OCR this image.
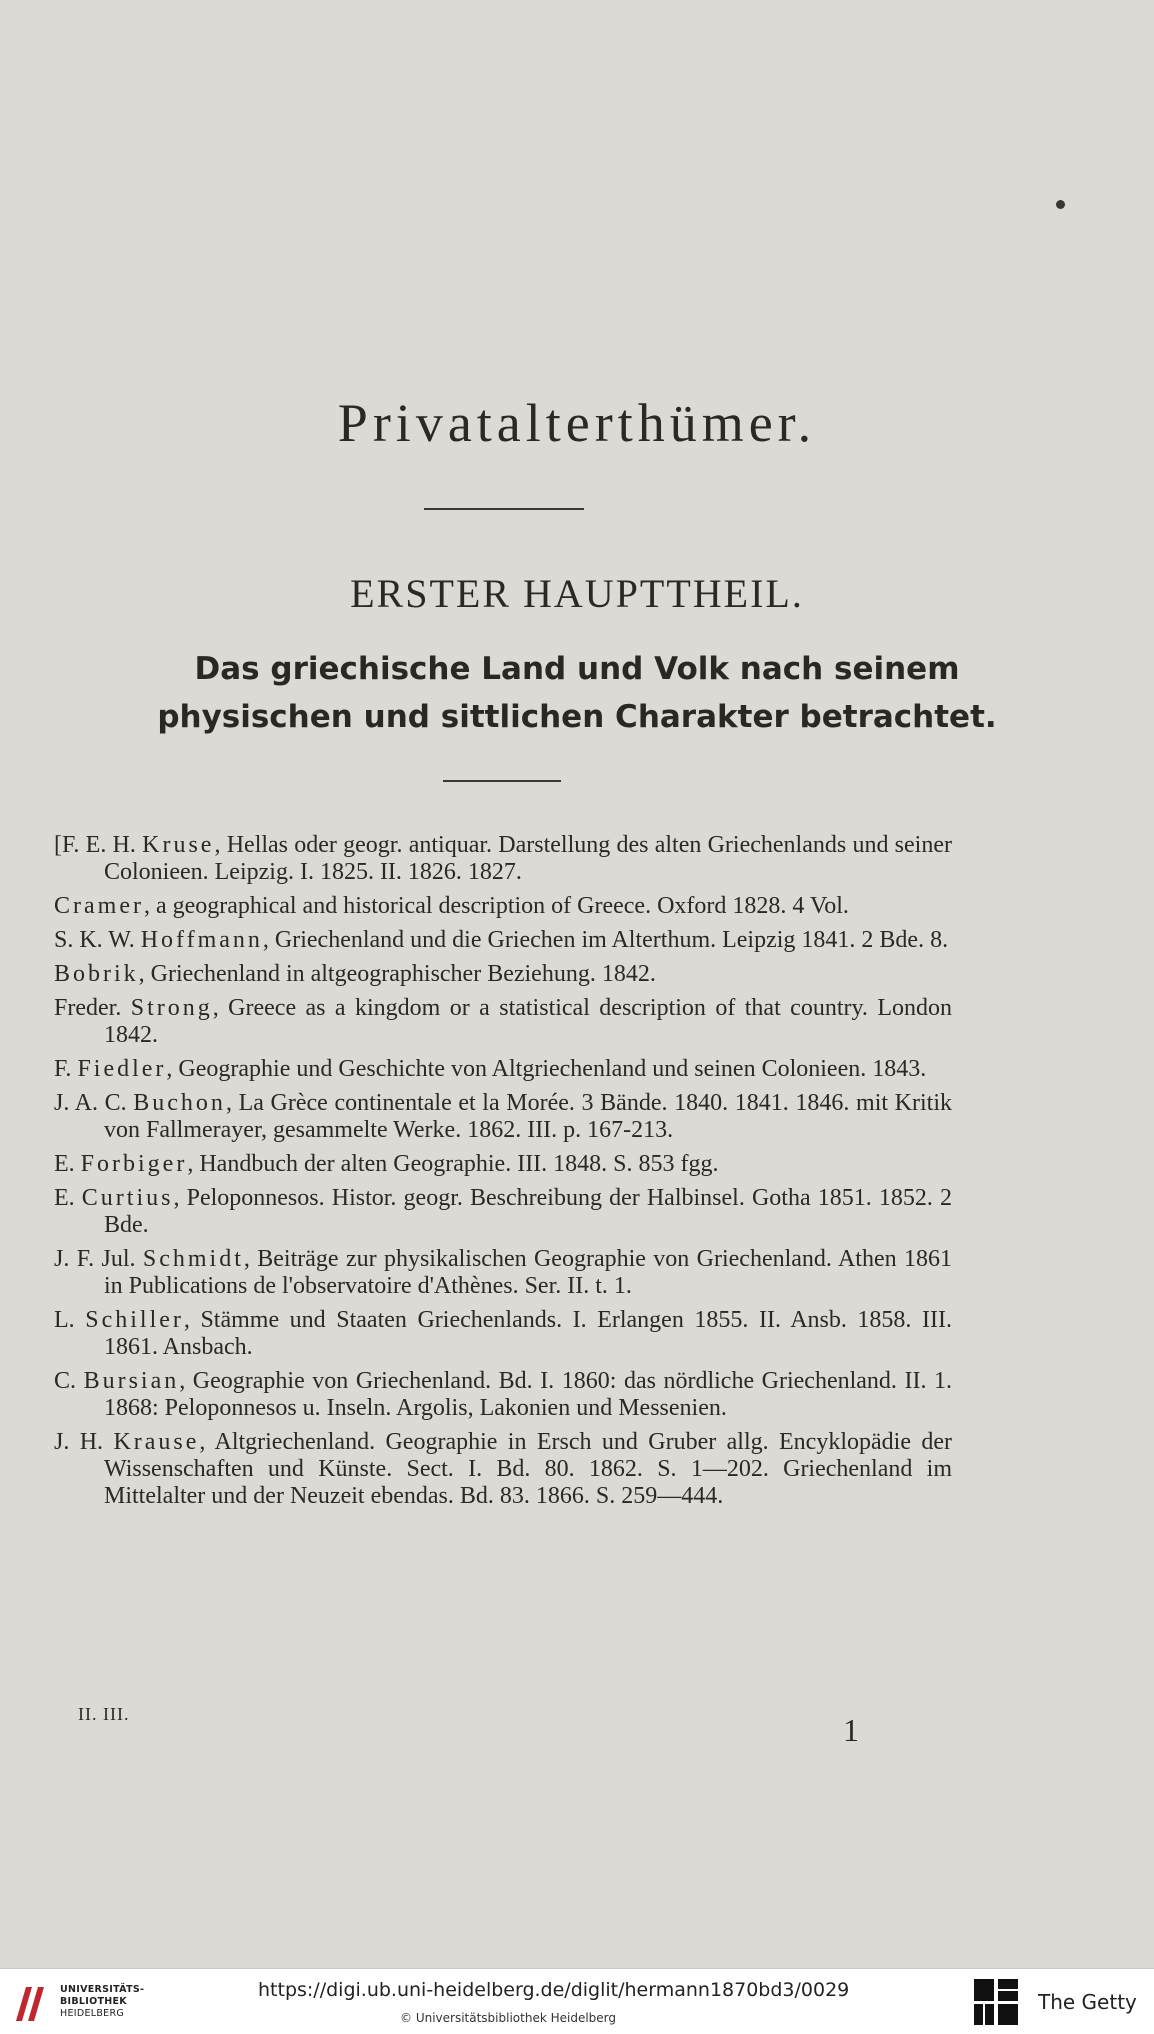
Privatalterthümer.
ERSTER HAUPTTHEIL.
Das griechische Land und Volk nach seinem
physischen und sittlichen Charakter betrachtet.
[F. E. H. Kruse, Hellas oder geogr. antiquar. Darstellung des alten Griechenlands und seiner Colonieen. Leipzig. I. 1825. II. 1826. 1827.
Cramer, a geographical and historical description of Greece. Oxford 1828. 4 Vol.
S. K. W. Hoffmann, Griechenland und die Griechen im Alterthum. Leipzig 1841. 2 Bde. 8.
Bobrik, Griechenland in altgeographischer Beziehung. 1842.
Freder. Strong, Greece as a kingdom or a statistical description of that country. London 1842.
F. Fiedler, Geographie und Geschichte von Altgriechenland und seinen Colonieen. 1843.
J. A. C. Buchon, La Grèce continentale et la Morée. 3 Bände. 1840. 1841. 1846. mit Kritik von Fallmerayer, gesammelte Werke. 1862. III. p. 167-213.
E. Forbiger, Handbuch der alten Geographie. III. 1848. S. 853 fgg.
E. Curtius, Peloponnesos. Histor. geogr. Beschreibung der Halbinsel. Gotha 1851. 1852. 2 Bde.
J. F. Jul. Schmidt, Beiträge zur physikalischen Geographie von Griechenland. Athen 1861 in Publications de l'observatoire d'Athènes. Ser. II. t. 1.
L. Schiller, Stämme und Staaten Griechenlands. I. Erlangen 1855. II. Ansb. 1858. III. 1861. Ansbach.
C. Bursian, Geographie von Griechenland. Bd. I. 1860: das nördliche Griechenland. II. 1. 1868: Peloponnesos u. Inseln. Argolis, Lakonien und Messenien.
J. H. Krause, Altgriechenland. Geographie in Ersch und Gruber allg. Encyklopädie der Wissenschaften und Künste. Sect. I. Bd. 80. 1862. S. 1—202. Griechenland im Mittelalter und der Neuzeit ebendas. Bd. 83. 1866. S. 259—444.
II. III.	1
UNIVERSITÄTS-
BIBLIOTHEK
HEIDELBERG
https://digi.ub.uni-heidelberg.de/diglit/hermann1870bd3/0029
© Universitätsbibliothek Heidelberg
The Getty
